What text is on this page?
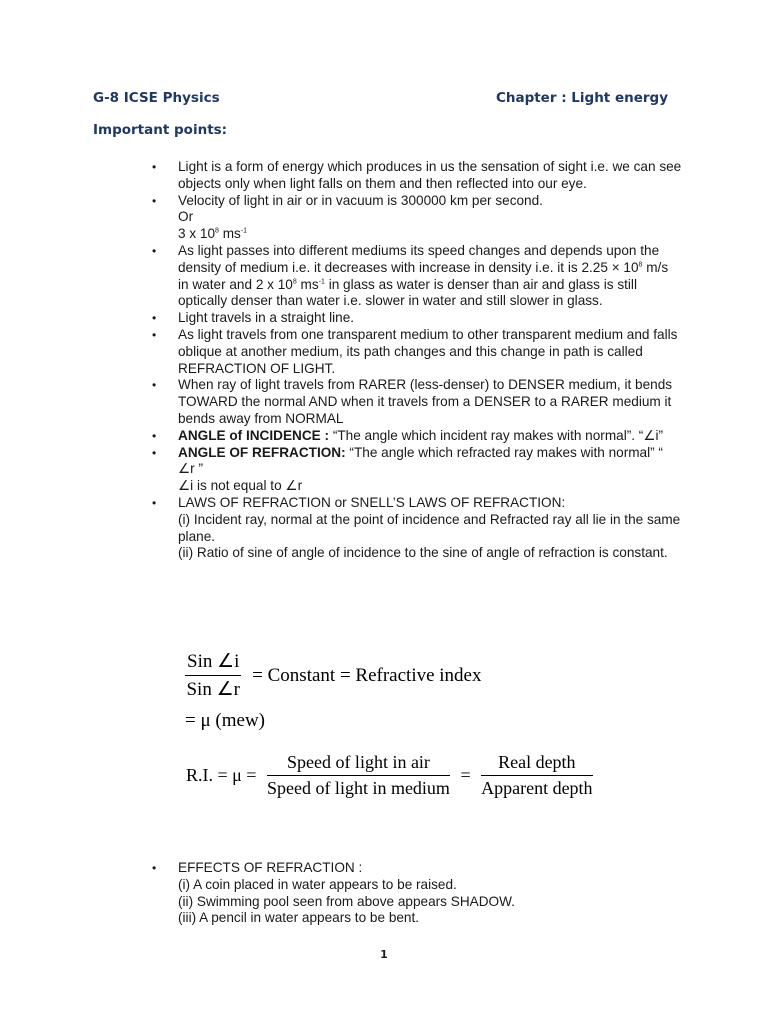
G-8 ICSE Physics	Chapter : Light energy
Important points:
• Light is a form of energy which produces in us the sensation of sight i.e. we can see objects only when light falls on them and then reflected into our eye.
• Velocity of light in air or in vacuum is 300000 km per second.
Or
3 x $10^8$ $ms^{-1}$
• As light passes into different mediums its speed changes and depends upon the density of medium i.e. it decreases with increase in density i.e. it is $2.25 \times 10^8$ m/s in water and 2 x $10^8$ $ms^{-1}$ in glass as water is denser than air and glass is still optically denser than water i.e. slower in water and still slower in glass.
• Light travels in a straight line.
• As light travels from one transparent medium to other transparent medium and falls oblique at another medium, its path changes and this change in path is called REFRACTION OF LIGHT.
• When ray of light travels from RARER (less-denser) to DENSER medium, it bends TOWARD the normal AND when it travels from a DENSER to a RARER medium it bends away from NORMAL
• ANGLE of INCIDENCE : “The angle which incident ray makes with normal”. “∠i”
• ANGLE OF REFRACTION: “The angle which refracted ray makes with normal” “ ∠r ”
∠i is not equal to ∠r
• LAWS OF REFRACTION or SNELL’S LAWS OF REFRACTION:
(i) Incident ray, normal at the point of incidence and Refracted ray all lie in the same plane.
(ii) Ratio of sine of angle of incidence to the sine of angle of refraction is constant.
$\frac{\text{Sin ∠i}}{\text{Sin ∠r}}$ = Constant = Refractive index
= μ (mew)
R.I. = $\mu = \frac{\text{Speed of light in air}}{\text{Speed of light in medium}} = \frac{\text{Real depth}}{\text{Apparent depth}}$
• EFFECTS OF REFRACTION :
(i) A coin placed in water appears to be raised.
(ii) Swimming pool seen from above appears SHADOW.
(iii) A pencil in water appears to be bent.
1
